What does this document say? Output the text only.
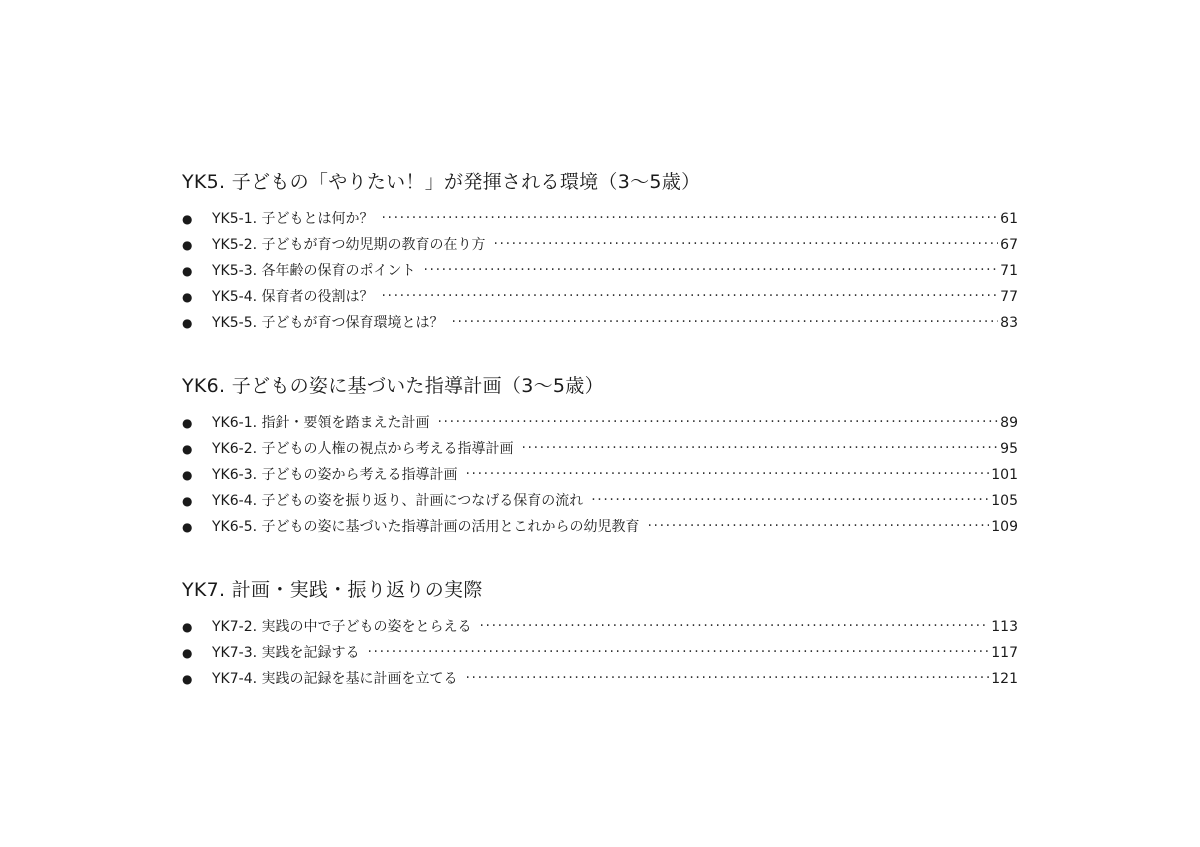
YK5. 子どもの「やりたい！」が発揮される環境（3〜5歳）
●	YK5-1. 子どもとは何か？ ·····	61
●	YK5-2. 子どもが育つ幼児期の教育の在り方 ·····	67
●	YK5-3. 各年齢の保育のポイント ·····	71
●	YK5-4. 保育者の役割は？ ·····	77
●	YK5-5. 子どもが育つ保育環境とは？ ·····	83
YK6. 子どもの姿に基づいた指導計画（3〜5歳）
●	YK6-1. 指針・要領を踏まえた計画 ·····	89
●	YK6-2. 子どもの人権の視点から考える指導計画 ·····	95
●	YK6-3. 子どもの姿から考える指導計画 ·····	101
●	YK6-4. 子どもの姿を振り返り、計画につなげる保育の流れ ·····	105
●	YK6-5. 子どもの姿に基づいた指導計画の活用とこれからの幼児教育 ·····	109
YK7. 計画・実践・振り返りの実際
●	YK7-2. 実践の中で子どもの姿をとらえる ·····	113
●	YK7-3. 実践を記録する ·····	117
●	YK7-4. 実践の記録を基に計画を立てる ·····	121
